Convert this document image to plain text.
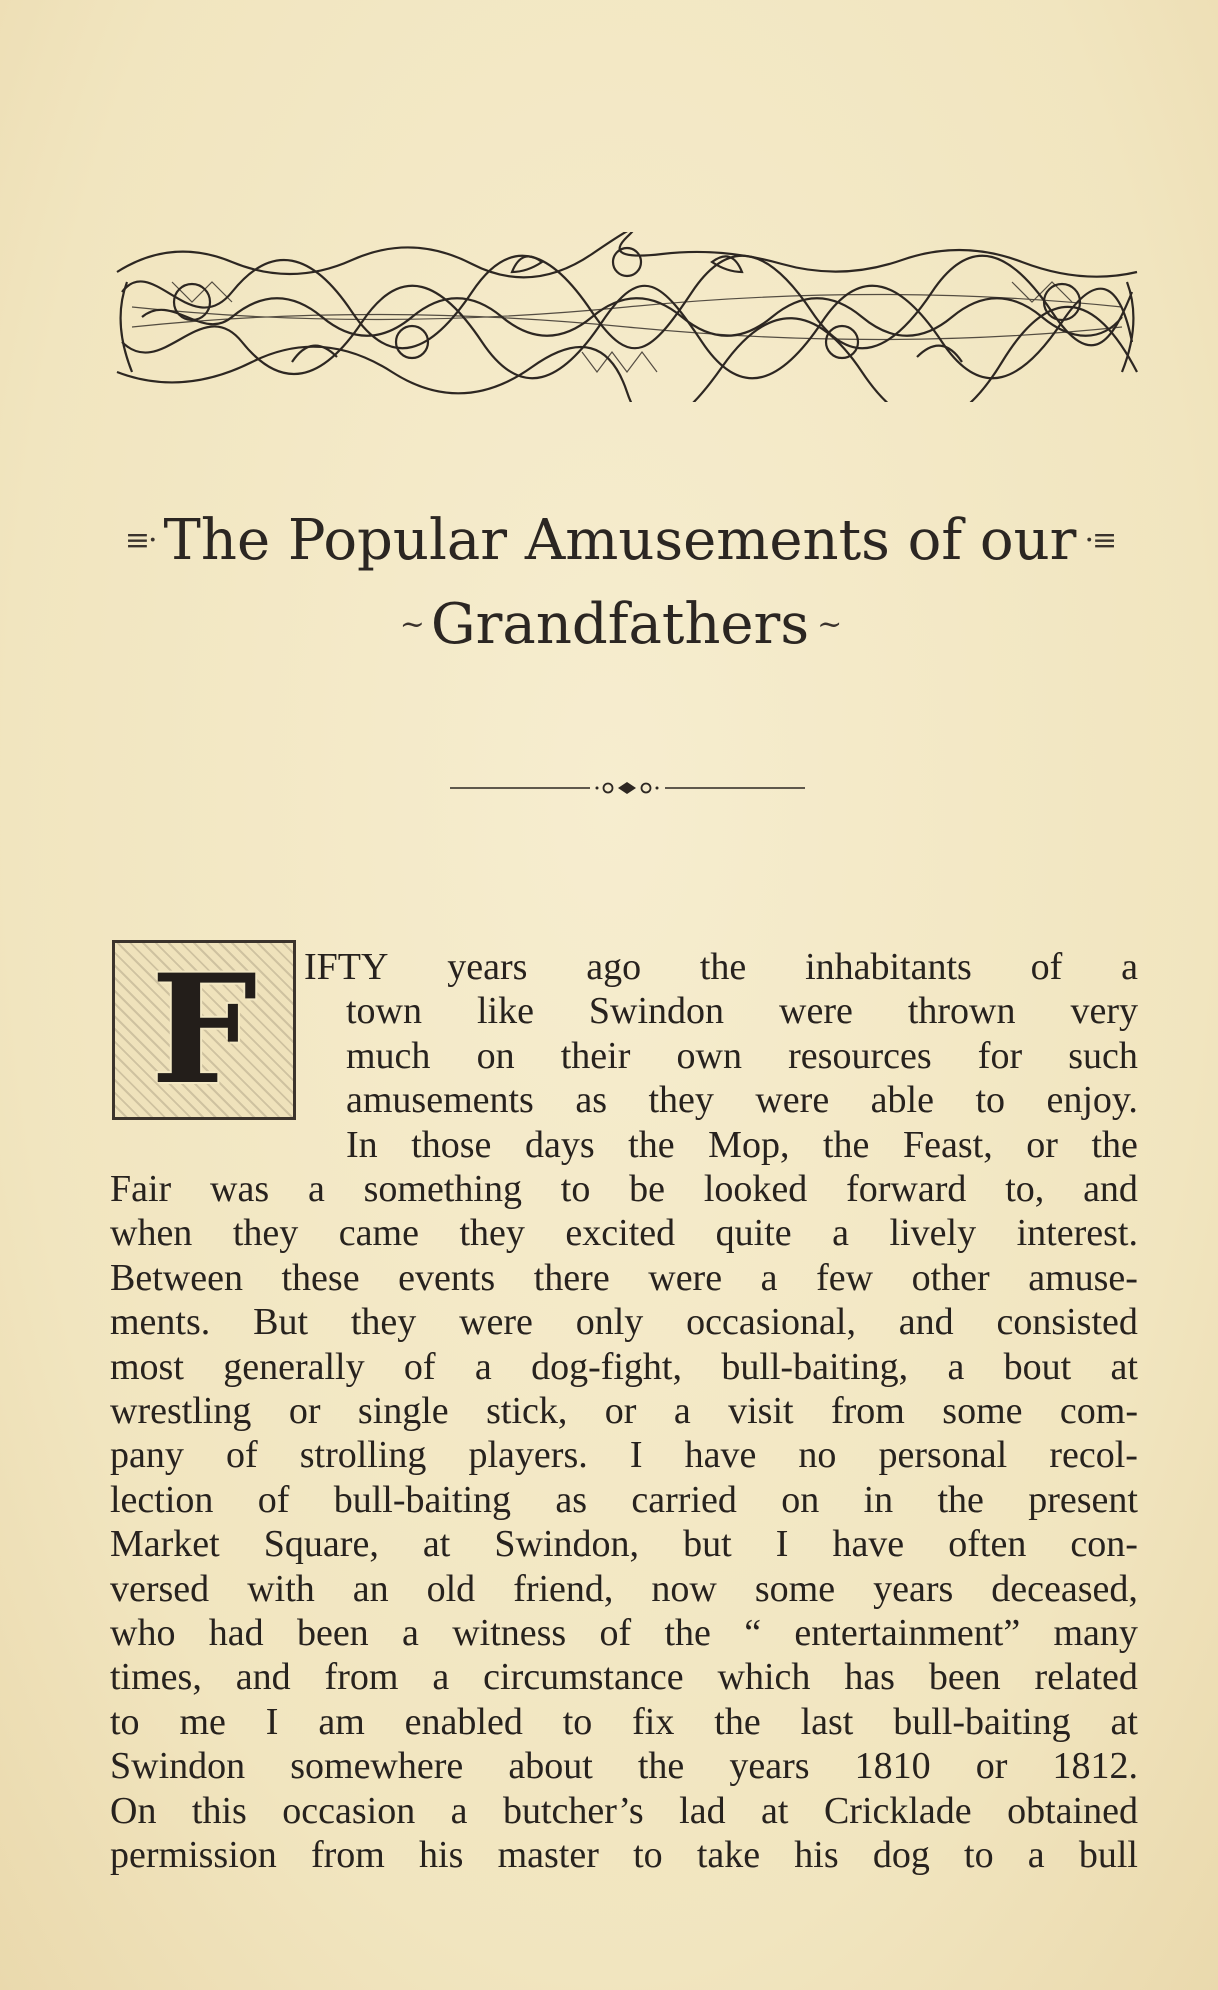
≡· The Popular Amusements of our ·≡
~ Grandfathers ~
F IFTY years ago the inhabitants of a
town like Swindon were thrown very
much on their own resources for such
amusements as they were able to enjoy.
In those days the Mop, the Feast, or the
Fair was a something to be looked forward to, and
when they came they excited quite a lively interest.
Between these events there were a few other amuse-
ments. But they were only occasional, and consisted
most generally of a dog-fight, bull-baiting, a bout at
wrestling or single stick, or a visit from some com-
pany of strolling players. I have no personal recol-
lection of bull-baiting as carried on in the present
Market Square, at Swindon, but I have often con-
versed with an old friend, now some years deceased,
who had been a witness of the “ entertainment” many
times, and from a circumstance which has been related
to me I am enabled to fix the last bull-baiting at
Swindon somewhere about the years 1810 or 1812.
On this occasion a butcher’s lad at Cricklade obtained
permission from his master to take his dog to a bull
